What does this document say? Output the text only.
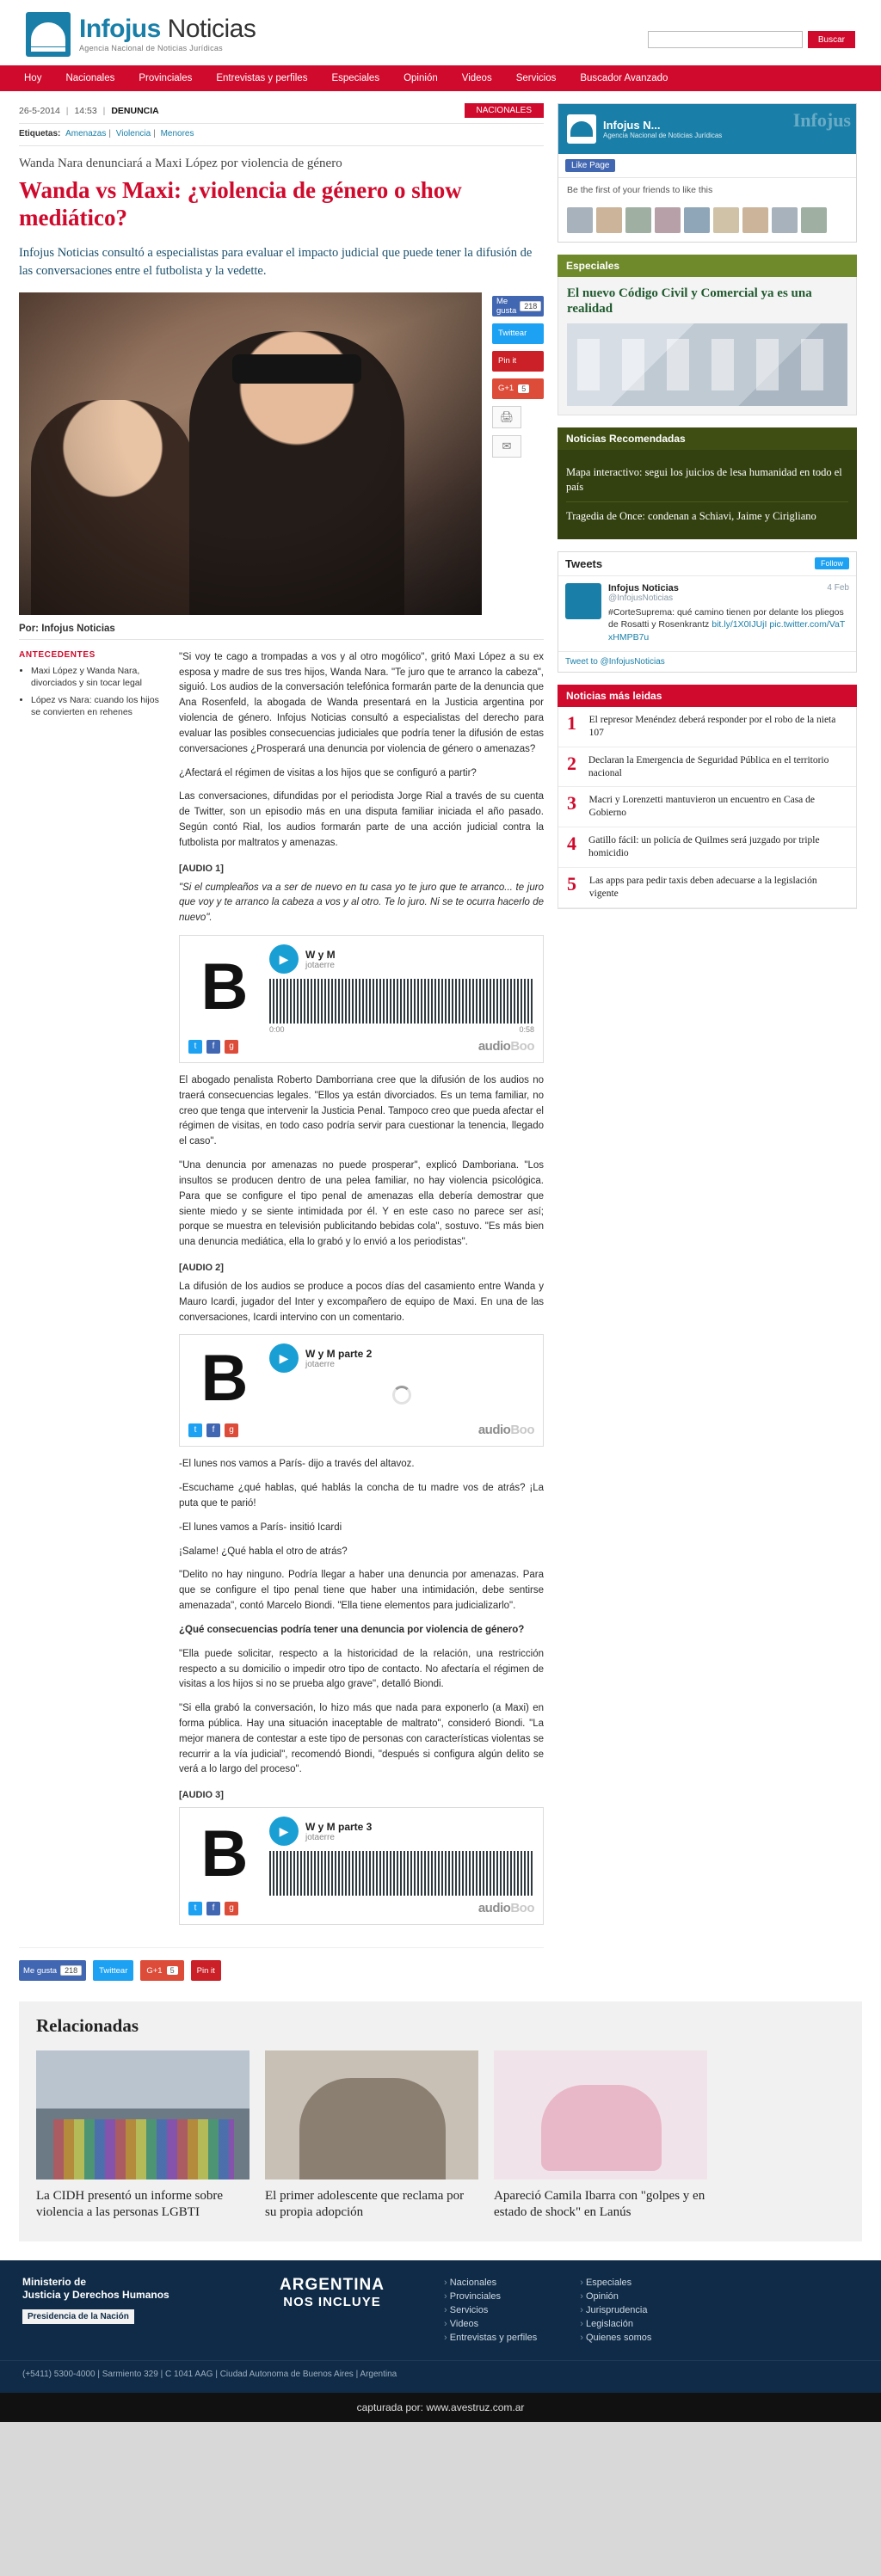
Infojus Noticias
Agencia Nacional de Noticias Jurídicas
Buscar
Hoy	Nacionales	Provinciales	Entrevistas y perfiles	Especiales	Opinión	Videos	Servicios	Buscador Avanzado
26-5-2014 | 14:53 | DENUNCIA	NACIONALES
Etiquetas: Amenazas | Violencia | Menores
Wanda Nara denunciará a Maxi López por violencia de género
Wanda vs Maxi: ¿violencia de género o show mediático?
Infojus Noticias consultó a especialistas para evaluar el impacto judicial que puede tener la difusión de las conversaciones entre el futbolista y la vedette.
Me gusta 218
Twittear
Pin it
G+1	5
🖨
✉
Por: Infojus Noticias
ANTECEDENTES
• Maxi López y Wanda Nara, divorciados y sin tocar legal
• López vs Nara: cuando los hijos se convierten en rehenes

"Si voy te cago a trompadas a vos y al otro mogólico", gritó Maxi López a su ex esposa y madre de sus tres hijos, Wanda Nara. "Te juro que te arranco la cabeza", siguió. Los audios de la conversación telefónica formarán parte de la denuncia que Ana Rosenfeld, la abogada de Wanda presentará en la Justicia argentina por violencia de género. Infojus Noticias consultó a especialistas del derecho para evaluar las posibles consecuencias judiciales que podría tener la difusión de estas conversaciones ¿Prosperará una denuncia por violencia de género o amenazas?

¿Afectará el régimen de visitas a los hijos que se configuró a partir?

Las conversaciones, difundidas por el periodista Jorge Rial a través de su cuenta de Twitter, son un episodio más en una disputa familiar iniciada el año pasado. Según contó Rial, los audios formarán parte de una acción judicial contra la futbolista por maltratos y amenazas.

[AUDIO 1]

"Si el cumpleaños va a ser de nuevo en tu casa yo te juro que te arranco... te juro que voy y te arranco la cabeza a vos y al otro. Te lo juro. Ni se te ocurra hacerlo de nuevo".

B	▶	W y M
jotaerre
0:00	0:58
t	f	g	audioBoo

El abogado penalista Roberto Damborriana cree que la difusión de los audios no traerá consecuencias legales. "Ellos ya están divorciados. Es un tema familiar, no creo que tenga que intervenir la Justicia Penal. Tampoco creo que pueda afectar el régimen de visitas, en todo caso podría servir para cuestionar la tenencia, llegado el caso".

"Una denuncia por amenazas no puede prosperar", explicó Damboriana. "Los insultos se producen dentro de una pelea familiar, no hay violencia psicológica. Para que se configure el tipo penal de amenazas ella debería demostrar que siente miedo y se siente intimidada por él. Y en este caso no parece ser así; porque se muestra en televisión publicitando bebidas cola", sostuvo. "Es más bien una denuncia mediática, ella lo grabó y lo envió a los periodistas".

[AUDIO 2]

La difusión de los audios se produce a pocos días del casamiento entre Wanda y Mauro Icardi, jugador del Inter y excompañero de equipo de Maxi. En una de las conversaciones, Icardi intervino con un comentario.

B	▶	W y M parte 2
jotaerre
t	f	g	audioBoo

-El lunes nos vamos a París- dijo a través del altavoz.

-Escuchame ¿qué hablas, qué hablás la concha de tu madre vos de atrás? ¡La puta que te parió!

-El lunes vamos a París- insitió Icardi

¡Salame! ¿Qué habla el otro de atrás?

"Delito no hay ninguno. Podría llegar a haber una denuncia por amenazas. Para que se configure el tipo penal tiene que haber una intimidación, debe sentirse amenazada", contó Marcelo Biondi. "Ella tiene elementos para judicializarlo".

¿Qué consecuencias podría tener una denuncia por violencia de género?

"Ella puede solicitar, respecto a la historicidad de la relación, una restricción respecto a su domicilio o impedir otro tipo de contacto. No afectaría el régimen de visitas a los hijos si no se prueba algo grave", detalló Biondi.

"Si ella grabó la conversación, lo hizo más que nada para exponerlo (a Maxi) en forma pública. Hay una situación inaceptable de maltrato", consideró Biondi. "La mejor manera de contestar a este tipo de personas con características violentas se recurrir a la vía judicial", recomendó Biondi, "después si configura algún delito se verá a lo largo del proceso".

[AUDIO 3]
B	▶	W y M parte 3
jotaerre
t	f	g	audioBoo
Me gusta	218	Twittear G+1	5	Pin it
Infojus N...
Agencia Nacional de Noticias Jurídicas
Infojus
Like Page
Be the first of your friends to like this
Especiales
El nuevo Código Civil y Comercial ya es una realidad
Noticias Recomendadas
Mapa interactivo: segui los juicios de lesa humanidad en todo el país
Tragedia de Once: condenan a Schiavi, Jaime y Cirigliano
Tweets	Follow
4 Feb
Infojus Noticias
@InfojusNoticias
#CorteSuprema: qué camino tienen por delante los pliegos de Rosatti y Rosenkrantz bit.ly/1X0IJUjI pic.twitter.com/VaTxHMPB7u
Tweet to @InfojusNoticias
Noticias más leidas
1	El represor Menéndez deberá responder por el robo de la nieta 107
2	Declaran la Emergencia de Seguridad Pública en el territorio nacional
3	Macri y Lorenzetti mantuvieron un encuentro en Casa de Gobierno
4	Gatillo fácil: un policía de Quilmes será juzgado por triple homicidio
5	Las apps para pedir taxis deben adecuarse a la legislación vigente
Relacionadas
La CIDH presentó un informe sobre violencia a las personas LGBTI
El primer adolescente que reclama por su propia adopción
Apareció Camila Ibarra con "golpes y en estado de shock" en Lanús
Ministerio de
Justicia y Derechos Humanos
Presidencia de la Nación
ARGENTINA
NOS INCLUYE
› Nacionales
› Provinciales
› Servicios
› Videos
› Entrevistas y perfiles
› Especiales
› Opinión
› Jurisprudencia
› Legislación
› Quienes somos
(+5411) 5300-4000 | Sarmiento 329 | C 1041 AAG | Ciudad Autonoma de Buenos Aires | Argentina
capturada por: www.avestruz.com.ar
